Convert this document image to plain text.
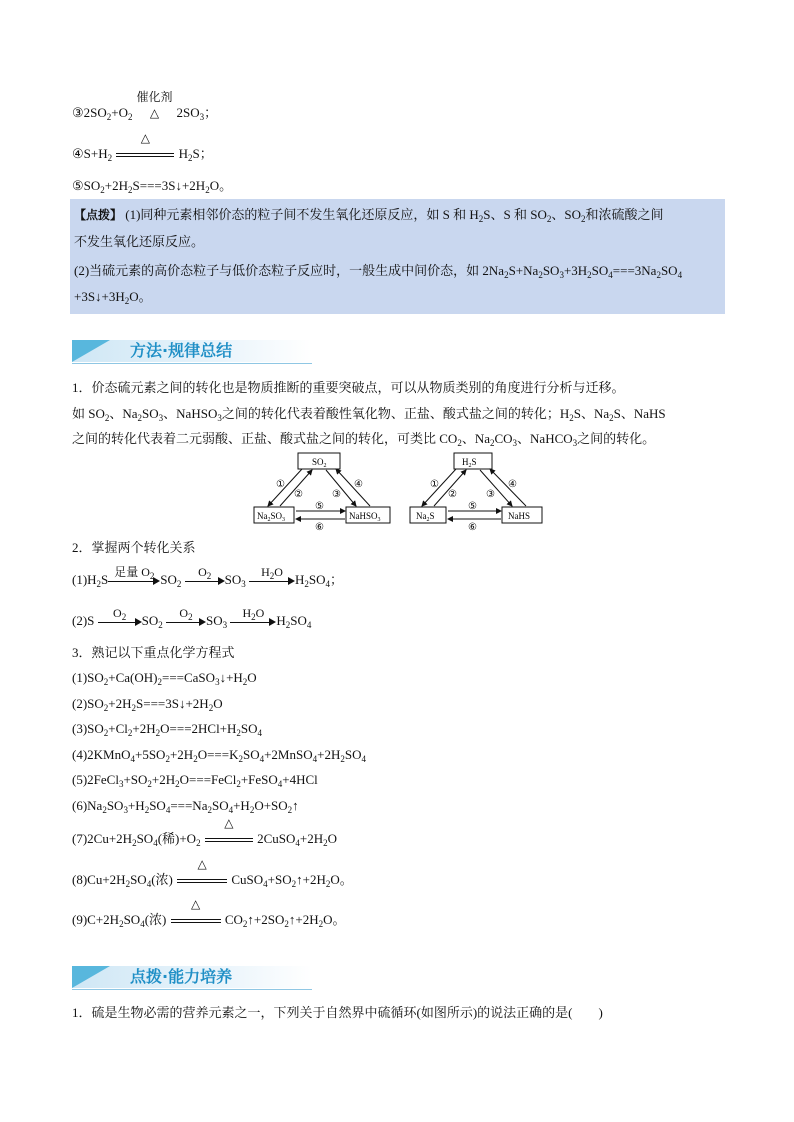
$③2SO_2+O_2$
催化剂
△ $2SO_3$；
$④S+H_2$
△
$H_2S$；
$⑤SO_2+2H_2S===3S↓+2H_2O$。
【点拨】 (1)同种元素相邻价态的粒子间不发生氧化还原反应，如 S 和 $H_2S$、S 和 $SO_2$、$SO_2$和浓硫酸之间
不发生氧化还原反应。
(2)当硫元素的高价态粒子与低价态粒子反应时，一般生成中间价态，如 $2Na_2S+Na_2SO_3+3H_2SO_4===3Na_2SO_4$
$+3S↓+3H_2O$。
方法·规律总结
1．价态硫元素之间的转化也是物质推断的重要突破点，可以从物质类别的角度进行分析与迁移。
如 $SO_2$、$Na_2SO_3$、NaHSO$_3$之间的转化代表着酸性氧化物、正盐、酸式盐之间的转化；$H_2S$、$Na_2S$、NaHS
之间的转化代表着二元弱酸、正盐、酸式盐之间的转化，可类比 $CO_2$、$Na_2CO_3$、NaHCO$_3$之间的转化。
$SO_2$
$Na_2SO_3$	NaHSO$_3$
①
②	③
④
⑤
⑥
$H_2S$
$Na_2S$	NaHS
①
②	③
④
⑤
⑥
2．掌握两个转化关系
$(1)H_2S$ 足量 $O_2$ $SO_2$
$O_2$	$SO_3$
$H_2O$ $H_2SO_4$；
(2)S	$O_2$	$SO_2$
$O_2$	$SO_3$
$H_2O$ $H_2SO_4$
3．熟记以下重点化学方程式
$(1)SO_2+Ca(OH)_2===CaSO_3↓+H_2O$
$(2)SO_2+2H_2S===3S↓+2H_2O$
$(3)SO_2+Cl_2+2H_2O===2HCl+H_2SO_4$
$(4)2KMnO_4+5SO_2+2H_2O===K_2SO_4+2MnSO_4+2H_2SO_4$
$(5)2FeCl_3+SO_2+2H_2O===FeCl_2+FeSO_4+4HCl$
$(6)Na_2SO_3+H_2SO_4===Na_2SO_4+H_2O+SO_2↑$
$(7)2Cu+2H_2SO_4$(稀)$+O_2$
△
$2CuSO_4+2H_2O$
$(8)Cu+2H_2SO_4$(浓)
△
$CuSO_4+SO_2↑+2H_2O$。
$(9)C+2H_2SO_4$(浓)
△
$CO_2↑+2SO_2↑+2H_2O$。
点拨·能力培养
1．硫是生物必需的营养元素之一，下列关于自然界中硫循环(如图所示)的说法正确的是(　　)
